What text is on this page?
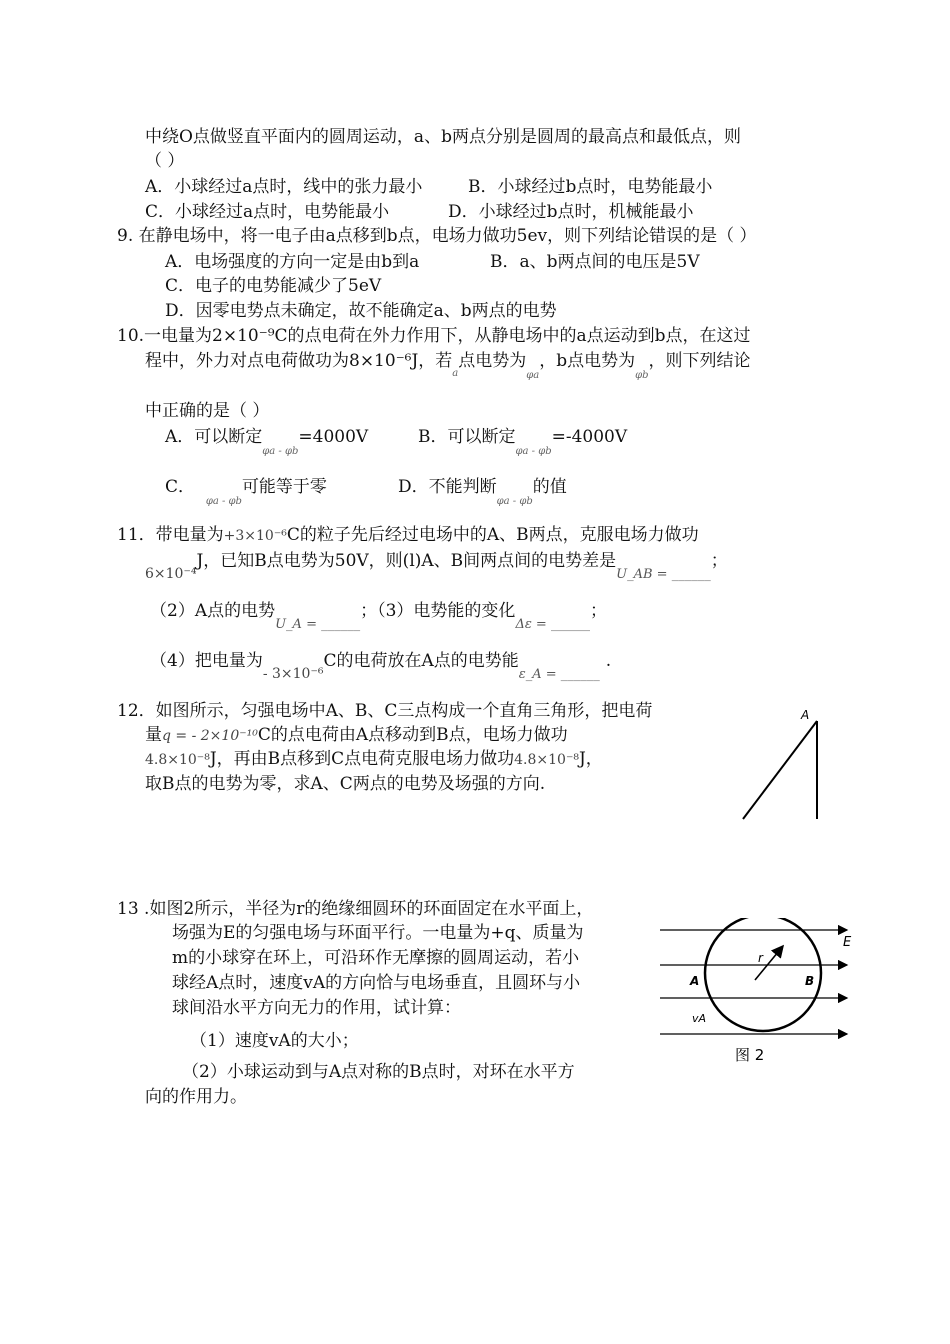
中绕O点做竖直平面内的圆周运动，a、b两点分别是圆周的最高点和最低点，则
（ ）
A．小球经过a点时，线中的张力最小	B．小球经过b点时，电势能最小
C．小球经过a点时，电势能最小	D．小球经过b点时，机械能最小
9. 在静电场中，将一电子由a点移到b点，电场力做功5ev，则下列结论错误的是（ ）
A．电场强度的方向一定是由b到a	B．a、b两点间的电压是5V
C．电子的电势能减少了5eV
D．因零电势点未确定，故不能确定a、b两点的电势
10.一电量为2×10⁻⁹C的点电荷在外力作用下，从静电场中的a点运动到b点，在这过
程中，外力对点电荷做功为8×10⁻⁶J，若$_a$点电势为$_{\varphi a}$，b点电势为$_{\varphi b}$，则下列结论
中正确的是（ ）
A．可以断定$_{\varphi a - \varphi b}$=4000V	B．可以断定$_{\varphi a - \varphi b}$=-4000V
C．  $_{\varphi a - \varphi b}$可能等于零	D．不能判断$_{\varphi a - \varphi b}$的值
11．带电量为+3×10⁻⁶C的粒子先后经过电场中的A、B两点，克服电场力做功
$_{6\times 10^{-4}}$J，已知B点电势为50V，则(l)A、B间两点间的电势差是$_{U\_AB = \_\_\_\_\_\_}$；
（2）A点的电势$_{U\_A = \_\_\_\_\_\_}$；（3）电势能的变化$_{\Delta\varepsilon = \_\_\_\_\_\_}$；
（4）把电量为$_{- 3\times 10^{-6}}$C的电荷放在A点的电势能$_{\varepsilon\_A = \_\_\_\_\_\_}$.
12．如图所示，匀强电场中A、B、C三点构成一个直角三角形，把电荷
量q = - 2×10⁻¹⁰C的点电荷由A点移动到B点，电场力做功
4.8×10⁻⁸J，再由B点移到C点电荷克服电场力做功4.8×10⁻⁸J，
取B点的电势为零，求A、C两点的电势及场强的方向.
A
13 .如图2所示，半径为r的绝缘细圆环的环面固定在水平面上，
场强为E的匀强电场与环面平行。一电量为+q、质量为
m的小球穿在环上，可沿环作无摩擦的圆周运动，若小
球经A点时，速度vA的方向恰与电场垂直，且圆环与小
球间沿水平方向无力的作用，试计算：
（1）速度vA的大小；
（2）小球运动到与A点对称的B点时，对环在水平方
向的作用力。
E
r
A	B
vA
图 2
